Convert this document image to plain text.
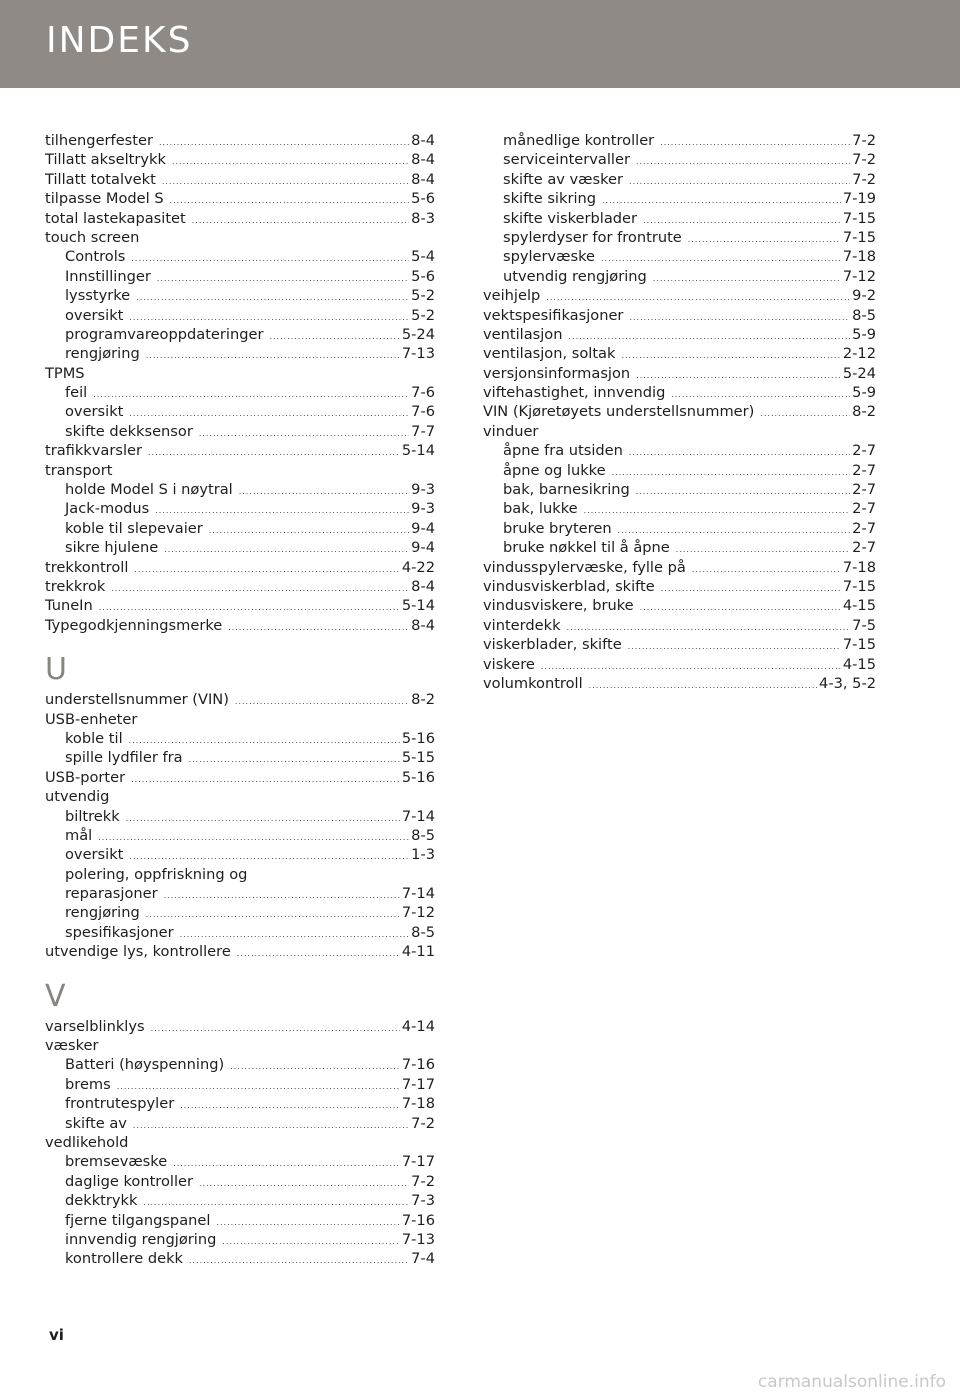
INDEKS
tilhengerfester .....	8-4
Tillatt akseltrykk .....	8-4
Tillatt totalvekt .....	8-4
tilpasse Model S .....	5-6
total lastekapasitet .....	8-3
touch screen
Controls .....	5-4
Innstillinger .....	5-6
lysstyrke .....	5-2
oversikt .....	5-2
programvareoppdateringer .....	5-24
rengjøring .....	7-13
TPMS
feil .....	7-6
oversikt .....	7-6
skifte dekksensor .....	7-7
trafikkvarsler .....	5-14
transport
holde Model S i nøytral .....	9-3
Jack-modus .....	9-3
koble til slepevaier .....	9-4
sikre hjulene .....	9-4
trekkontroll .....	4-22
trekkrok .....	8-4
TuneIn .....	5-14
Typegodkjenningsmerke .....	8-4
U
understellsnummer (VIN) .....	8-2
USB-enheter
koble til .....	5-16
spille lydfiler fra .....	5-15
USB-porter .....	5-16
utvendig
biltrekk .....	7-14
mål .....	8-5
oversikt .....	1-3
polering, oppfriskning og
reparasjoner .....	7-14
rengjøring .....	7-12
spesifikasjoner .....	8-5
utvendige lys, kontrollere .....	4-11
V
varselblinklys .....	4-14
væsker
Batteri (høyspenning) .....	7-16
brems .....	7-17
frontrutespyler .....	7-18
skifte av .....	7-2
vedlikehold
bremsevæske .....	7-17
daglige kontroller .....	7-2
dekktrykk .....	7-3
fjerne tilgangspanel .....	7-16
innvendig rengjøring .....	7-13
kontrollere dekk .....	7-4
månedlige kontroller .....	7-2
serviceintervaller .....	7-2
skifte av væsker .....	7-2
skifte sikring .....	7-19
skifte viskerblader .....	7-15
spylerdyser for frontrute .....	7-15
spylervæske .....	7-18
utvendig rengjøring .....	7-12
veihjelp .....	9-2
vektspesifikasjoner .....	8-5
ventilasjon .....	5-9
ventilasjon, soltak .....	2-12
versjonsinformasjon .....	5-24
viftehastighet, innvendig .....	5-9
VIN (Kjøretøyets understellsnummer) .....	8-2
vinduer
åpne fra utsiden .....	2-7
åpne og lukke .....	2-7
bak, barnesikring .....	2-7
bak, lukke .....	2-7
bruke bryteren .....	2-7
bruke nøkkel til å åpne .....	2-7
vindusspylervæske, fylle på .....	7-18
vindusviskerblad, skifte .....	7-15
vindusviskere, bruke .....	4-15
vinterdekk .....	7-5
viskerblader, skifte .....	7-15
viskere .....	4-15
volumkontroll .....	4-3, 5-2
vi
carmanualsonline.info
